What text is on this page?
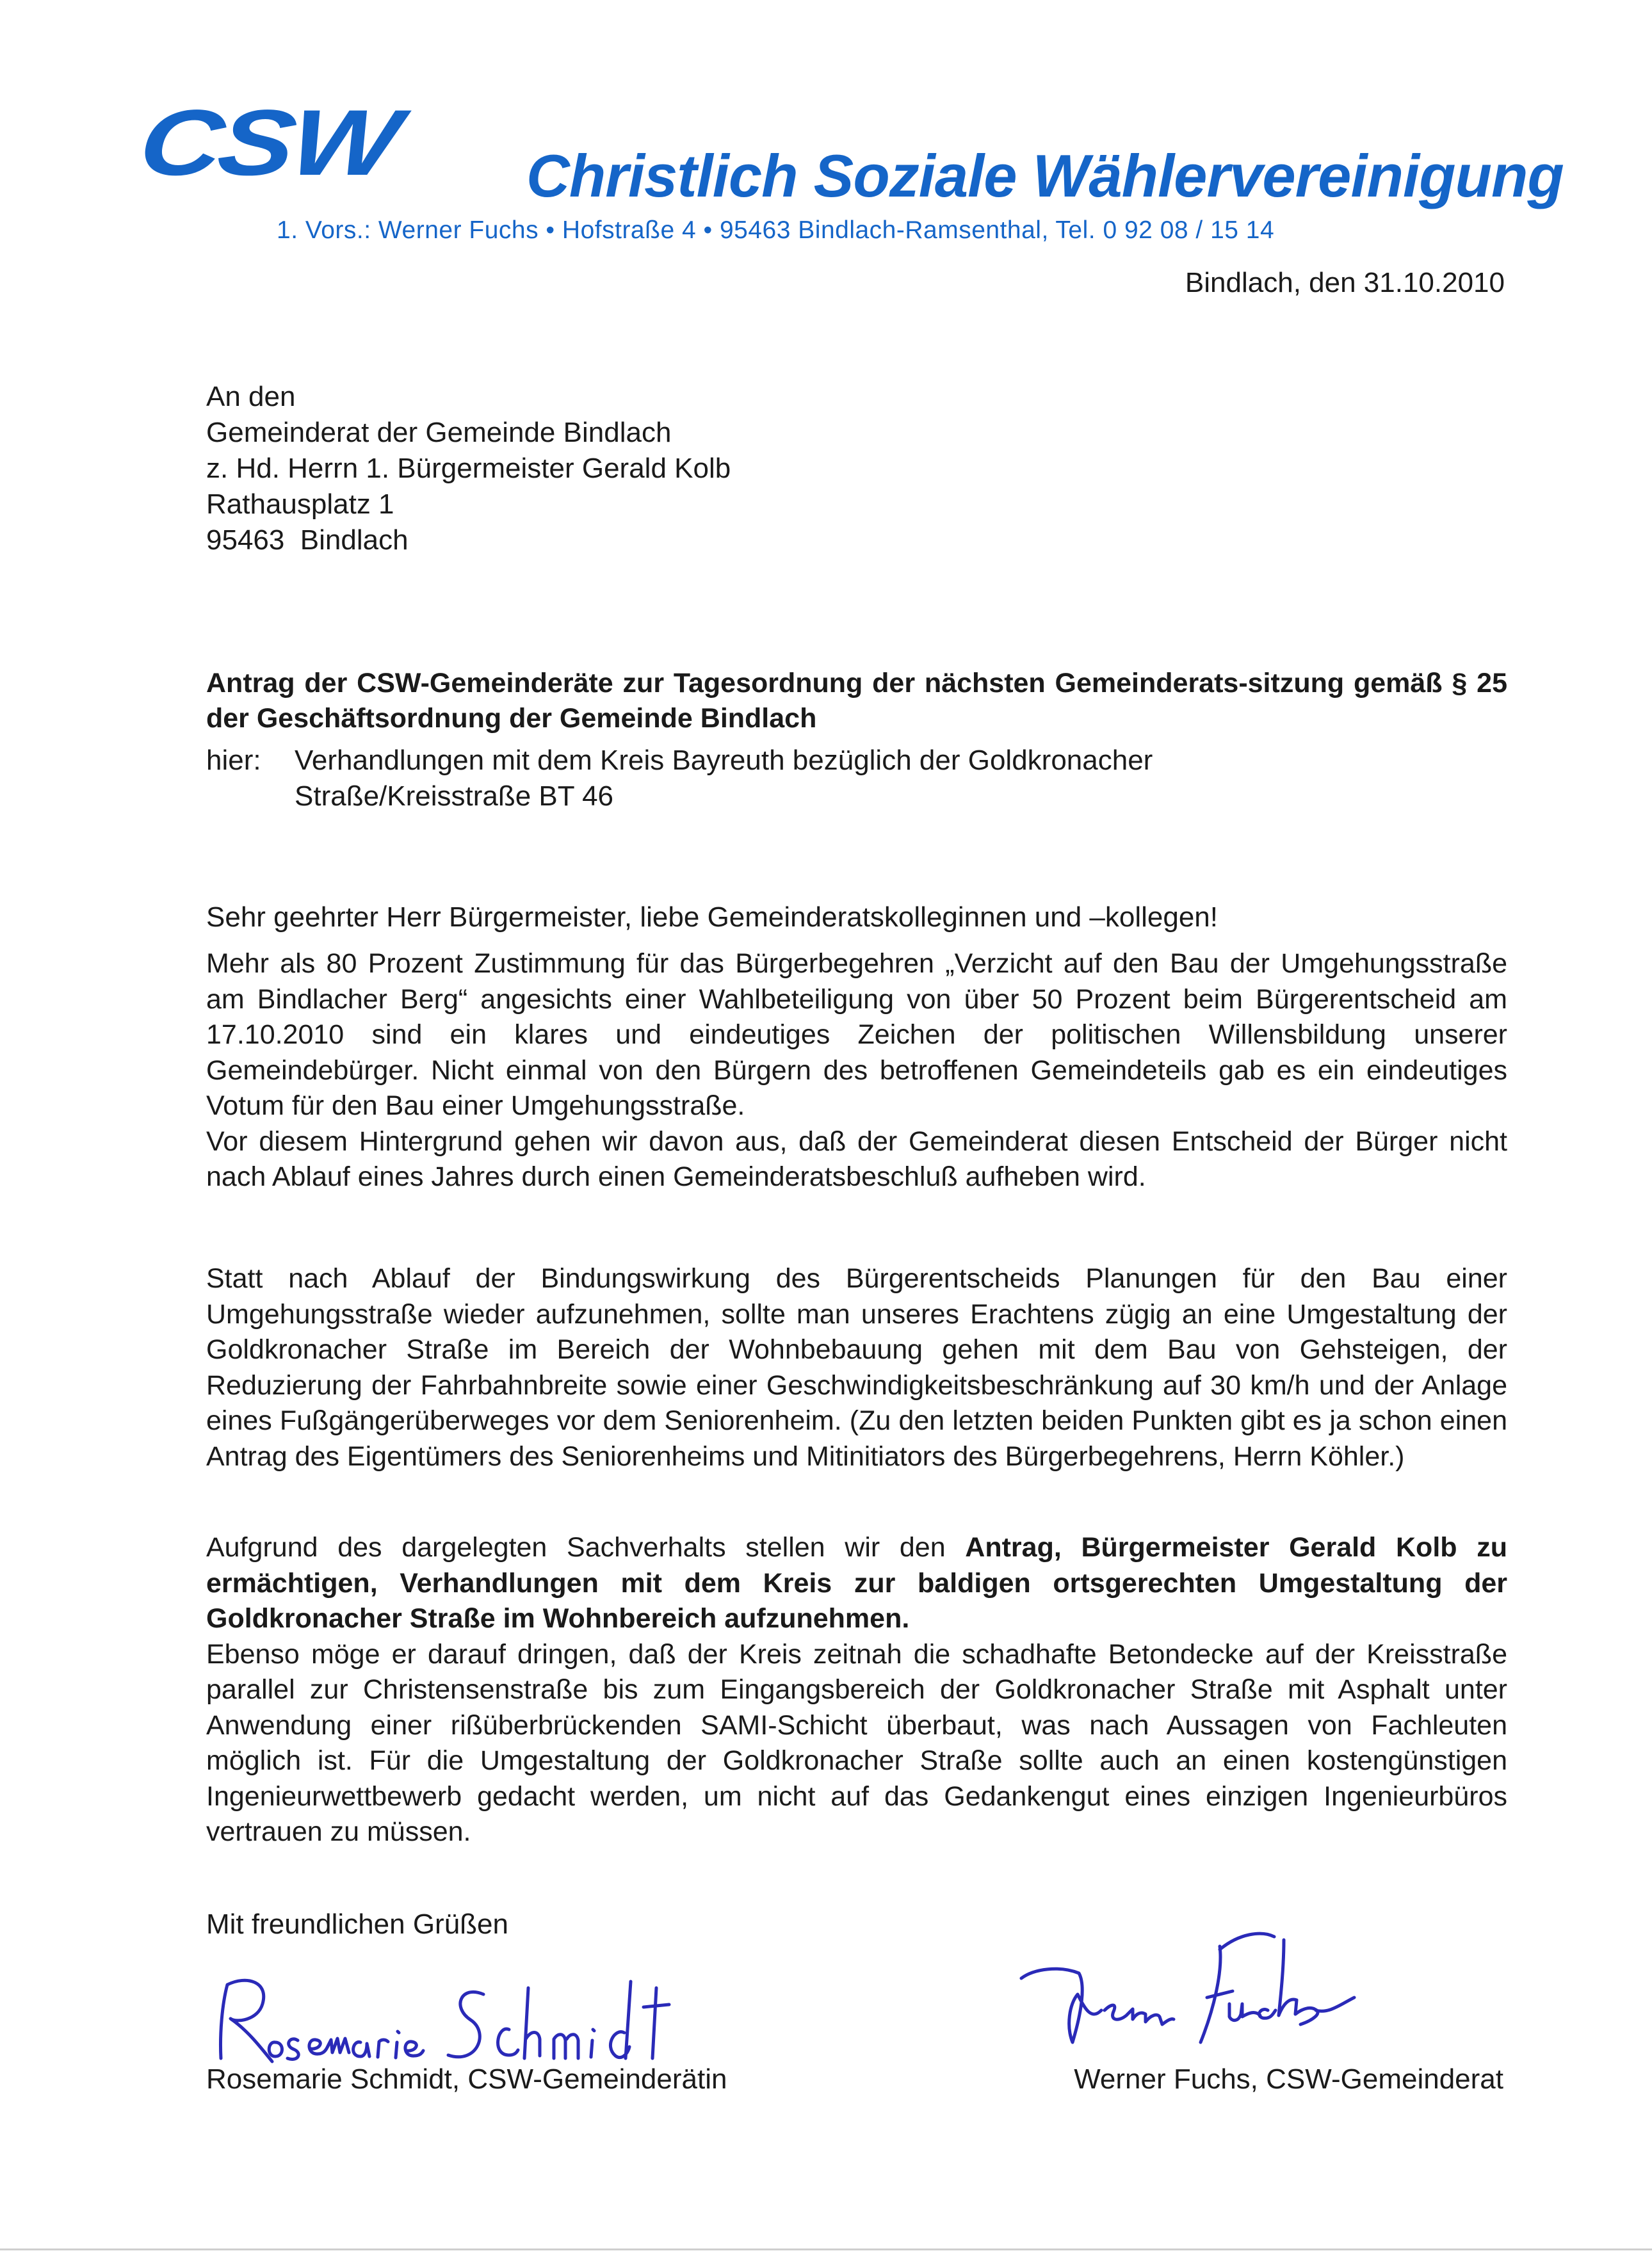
CSW Christlich Soziale Wählervereinigung
1. Vors.: Werner Fuchs • Hofstraße 4 • 95463 Bindlach-Ramsenthal, Tel. 0 92 08 / 15 14
Bindlach, den 31.10.2010
An den
Gemeinderat der Gemeinde Bindlach
z. Hd. Herrn 1. Bürgermeister Gerald Kolb
Rathausplatz 1
95463  Bindlach
Antrag der CSW-Gemeinderäte zur Tagesordnung der nächsten Gemeinderats-sitzung gemäß § 25 der Geschäftsordnung der Gemeinde Bindlach
hier: Verhandlungen mit dem Kreis Bayreuth bezüglich der Goldkronacher
Straße/Kreisstraße BT 46
Sehr geehrter Herr Bürgermeister, liebe Gemeinderatskolleginnen und –kollegen!

Mehr als 80 Prozent Zustimmung für das Bürgerbegehren „Verzicht auf den Bau der Umgehungsstraße am Bindlacher Berg“ angesichts einer Wahlbeteiligung von über 50 Prozent beim Bürgerentscheid am 17.10.2010 sind ein klares und eindeutiges Zeichen der politischen Willensbildung unserer Gemeindebürger. Nicht einmal von den Bürgern des betroffenen Gemeindeteils gab es ein eindeutiges Votum für den Bau einer Umgehungsstraße.

Vor diesem Hintergrund gehen wir davon aus, daß der Gemeinderat diesen Entscheid der Bürger nicht nach Ablauf eines Jahres durch einen Gemeinderatsbeschluß aufheben wird.

Statt nach Ablauf der Bindungswirkung des Bürgerentscheids Planungen für den Bau einer Umgehungsstraße wieder aufzunehmen, sollte man unseres Erachtens zügig an eine Umgestaltung der Goldkronacher Straße im Bereich der Wohnbebauung gehen mit dem Bau von Gehsteigen, der Reduzierung der Fahrbahnbreite sowie einer Geschwindigkeitsbeschränkung auf 30 km/h und der Anlage eines Fußgängerüberweges vor dem Seniorenheim. (Zu den letzten beiden Punkten gibt es ja schon einen Antrag des Eigentümers des Seniorenheims und Mitinitiators des Bürgerbegehrens, Herrn Köhler.)

Aufgrund des dargelegten Sachverhalts stellen wir den Antrag, Bürgermeister Gerald Kolb zu ermächtigen, Verhandlungen mit dem Kreis zur baldigen ortsgerechten Umgestaltung der Goldkronacher Straße im Wohnbereich aufzunehmen.

Ebenso möge er darauf dringen, daß der Kreis zeitnah die schadhafte Betondecke auf der Kreisstraße parallel zur Christensenstraße bis zum Eingangsbereich der Goldkronacher Straße mit Asphalt unter Anwendung einer rißüberbrückenden SAMI-Schicht überbaut, was nach Aussagen von Fachleuten möglich ist. Für die Umgestaltung der Goldkronacher Straße sollte auch an einen kostengünstigen Ingenieurwettbewerb gedacht werden, um nicht auf das Gedankengut eines einzigen Ingenieurbüros vertrauen zu müssen.

Mit freundlichen Grüßen
Rosemarie Schmidt, CSW-Gemeinderätin	Werner Fuchs, CSW-Gemeinderat
